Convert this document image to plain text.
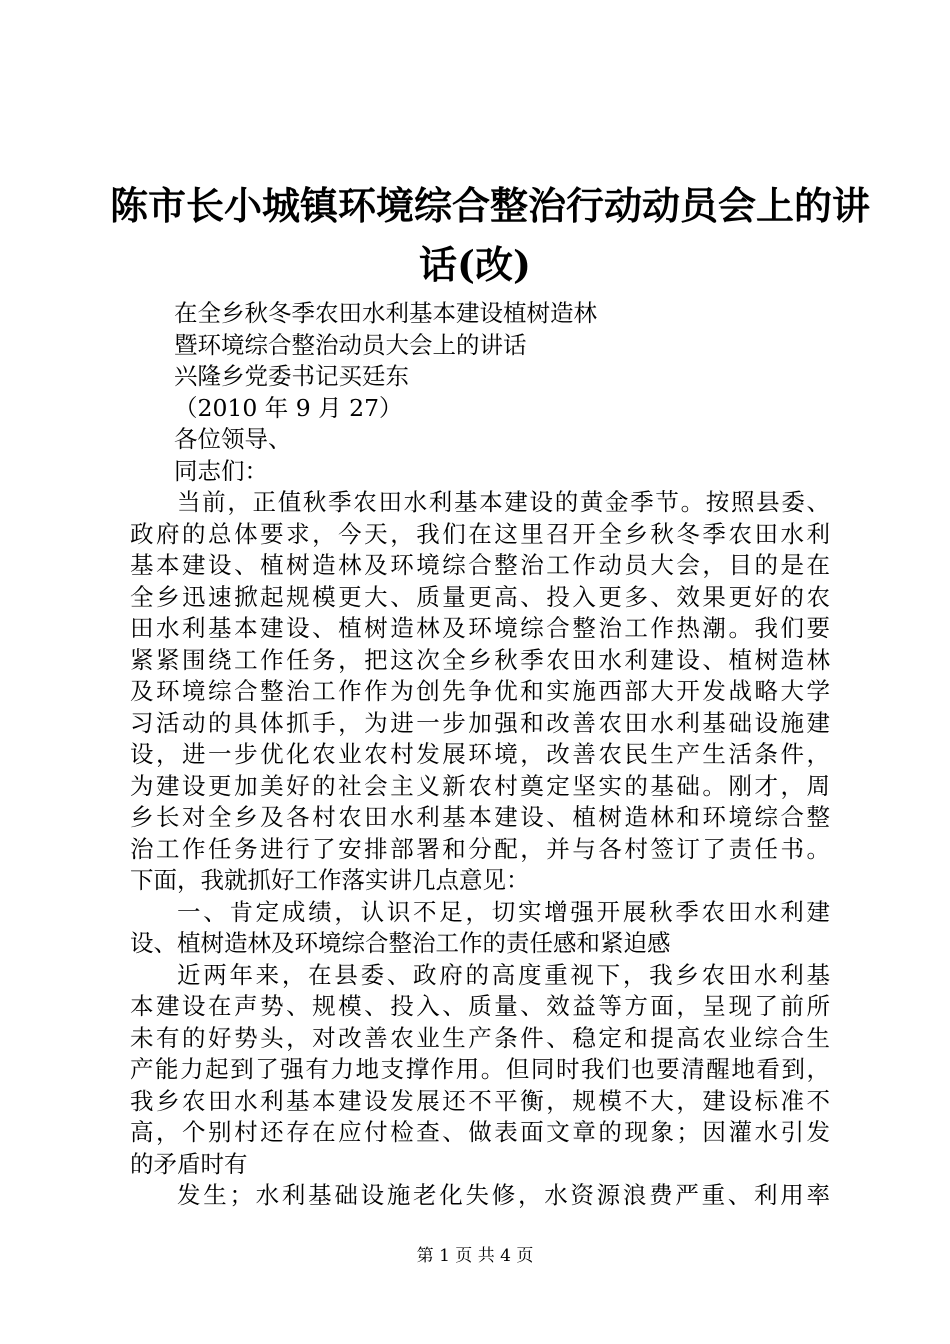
陈市长小城镇环境综合整治行动动员会上的讲
话(改)
在全乡秋冬季农田水利基本建设植树造林
暨环境综合整治动员大会上的讲话
兴隆乡党委书记买廷东
（2010 年 9 月 27）
各位领导、
同志们：
当前，正值秋季农田水利基本建设的黄金季节。按照县委、
政府的总体要求，今天，我们在这里召开全乡秋冬季农田水利
基本建设、植树造林及环境综合整治工作动员大会，目的是在
全乡迅速掀起规模更大、质量更高、投入更多、效果更好的农
田水利基本建设、植树造林及环境综合整治工作热潮。我们要
紧紧围绕工作任务，把这次全乡秋季农田水利建设、植树造林
及环境综合整治工作作为创先争优和实施西部大开发战略大学
习活动的具体抓手，为进一步加强和改善农田水利基础设施建
设，进一步优化农业农村发展环境，改善农民生产生活条件，
为建设更加美好的社会主义新农村奠定坚实的基础。刚才，周
乡长对全乡及各村农田水利基本建设、植树造林和环境综合整
治工作任务进行了安排部署和分配，并与各村签订了责任书。
下面，我就抓好工作落实讲几点意见：
一、肯定成绩，认识不足，切实增强开展秋季农田水利建
设、植树造林及环境综合整治工作的责任感和紧迫感
近两年来，在县委、政府的高度重视下，我乡农田水利基
本建设在声势、规模、投入、质量、效益等方面，呈现了前所
未有的好势头，对改善农业生产条件、稳定和提高农业综合生
产能力起到了强有力地支撑作用。但同时我们也要清醒地看到，
我乡农田水利基本建设发展还不平衡，规模不大，建设标准不
高，个别村还存在应付检查、做表面文章的现象；因灌水引发
的矛盾时有
发生；水利基础设施老化失修，水资源浪费严重、利用率
第 1 页 共 4 页
